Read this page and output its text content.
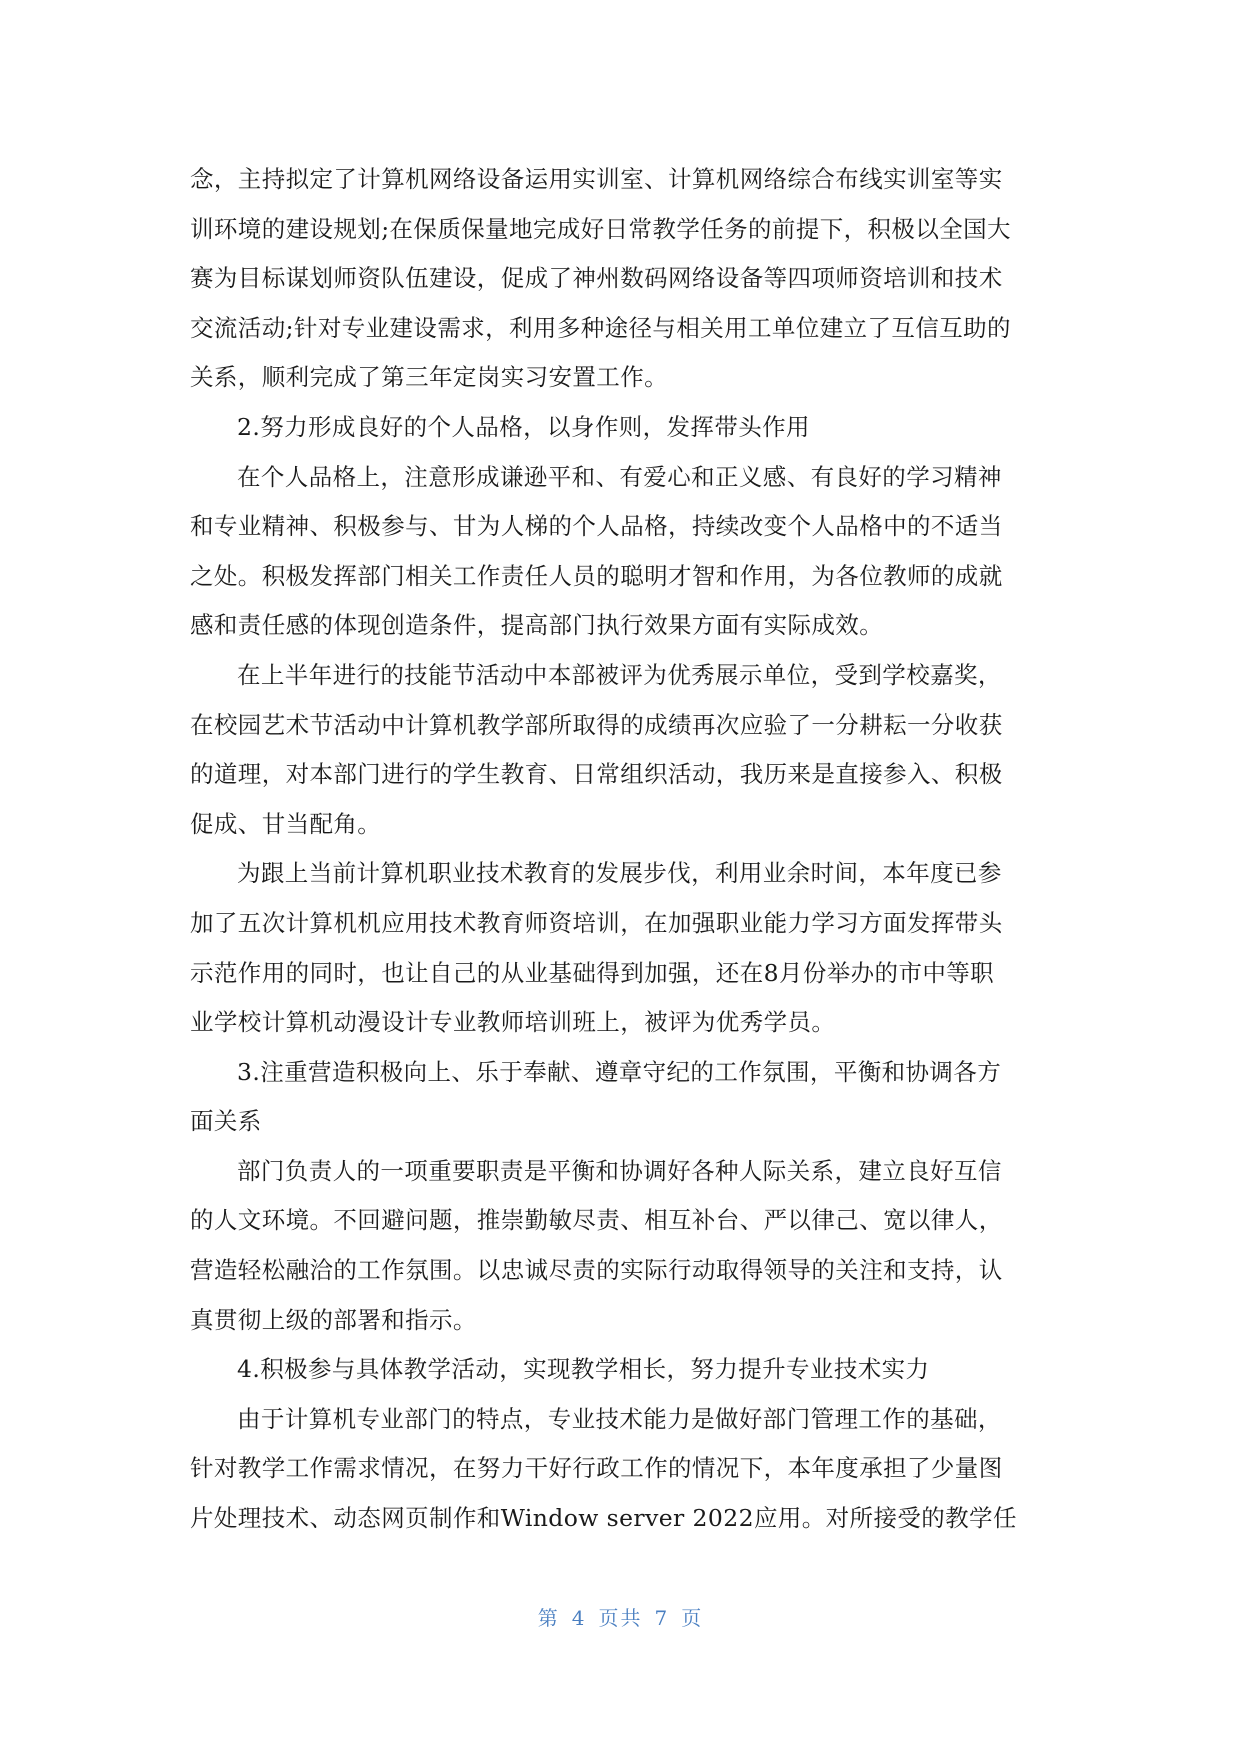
念，主持拟定了计算机网络设备运用实训室、计算机网络综合布线实训室等实
训环境的建设规划;在保质保量地完成好日常教学任务的前提下，积极以全国大
赛为目标谋划师资队伍建设，促成了神州数码网络设备等四项师资培训和技术
交流活动;针对专业建设需求，利用多种途径与相关用工单位建立了互信互助的
关系，顺利完成了第三年定岗实习安置工作。
2.努力形成良好的个人品格，以身作则，发挥带头作用
在个人品格上，注意形成谦逊平和、有爱心和正义感、有良好的学习精神
和专业精神、积极参与、甘为人梯的个人品格，持续改变个人品格中的不适当
之处。积极发挥部门相关工作责任人员的聪明才智和作用，为各位教师的成就
感和责任感的体现创造条件，提高部门执行效果方面有实际成效。
在上半年进行的技能节活动中本部被评为优秀展示单位，受到学校嘉奖，
在校园艺术节活动中计算机教学部所取得的成绩再次应验了一分耕耘一分收获
的道理，对本部门进行的学生教育、日常组织活动，我历来是直接参入、积极
促成、甘当配角。
为跟上当前计算机职业技术教育的发展步伐，利用业余时间，本年度已参
加了五次计算机机应用技术教育师资培训，在加强职业能力学习方面发挥带头
示范作用的同时，也让自己的从业基础得到加强，还在8月份举办的市中等职
业学校计算机动漫设计专业教师培训班上，被评为优秀学员。
3.注重营造积极向上、乐于奉献、遵章守纪的工作氛围，平衡和协调各方
面关系
部门负责人的一项重要职责是平衡和协调好各种人际关系，建立良好互信
的人文环境。不回避问题，推崇勤敏尽责、相互补台、严以律己、宽以律人，
营造轻松融洽的工作氛围。以忠诚尽责的实际行动取得领导的关注和支持，认
真贯彻上级的部署和指示。
4.积极参与具体教学活动，实现教学相长，努力提升专业技术实力
由于计算机专业部门的特点，专业技术能力是做好部门管理工作的基础，
针对教学工作需求情况，在努力干好行政工作的情况下，本年度承担了少量图
片处理技术、动态网页制作和Window server 2022应用。对所接受的教学任
第 4 页共 7 页
